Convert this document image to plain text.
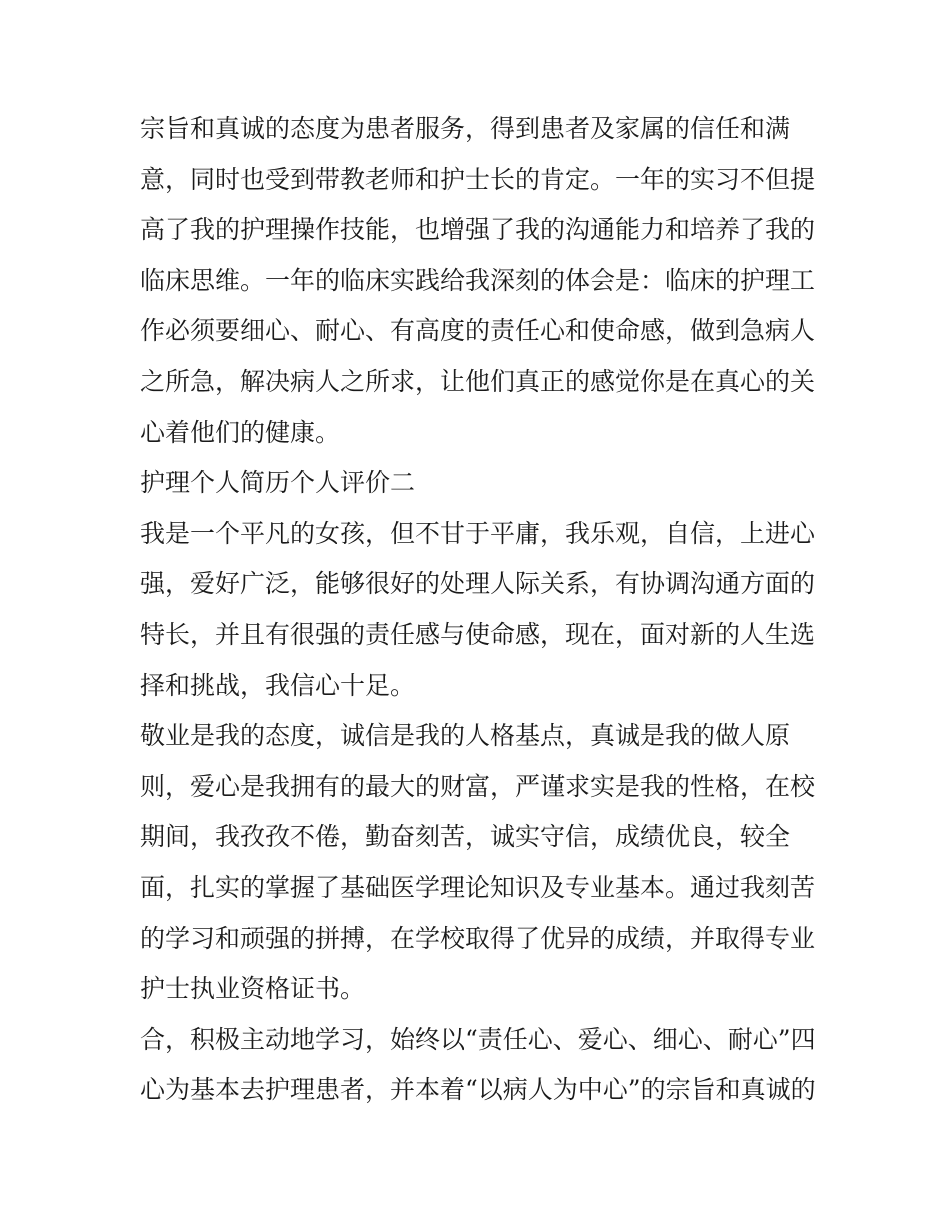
宗旨和真诚的态度为患者服务，得到患者及家属的信任和满
意，同时也受到带教老师和护士长的肯定。一年的实习不但提
高了我的护理操作技能，也增强了我的沟通能力和培养了我的
临床思维。一年的临床实践给我深刻的体会是：临床的护理工
作必须要细心、耐心、有高度的责任心和使命感，做到急病人
之所急，解决病人之所求，让他们真正的感觉你是在真心的关
心着他们的健康。
护理个人简历个人评价二
我是一个平凡的女孩，但不甘于平庸，我乐观，自信，上进心
强，爱好广泛，能够很好的处理人际关系，有协调沟通方面的
特长，并且有很强的责任感与使命感，现在，面对新的人生选
择和挑战，我信心十足。
敬业是我的态度，诚信是我的人格基点，真诚是我的做人原
则，爱心是我拥有的最大的财富，严谨求实是我的性格，在校
期间，我孜孜不倦，勤奋刻苦，诚实守信，成绩优良，较全
面，扎实的掌握了基础医学理论知识及专业基本。通过我刻苦
的学习和顽强的拼搏，在学校取得了优异的成绩，并取得专业
护士执业资格证书。
合，积极主动地学习，始终以“责任心、爱心、细心、耐心”四
心为基本去护理患者，并本着“以病人为中心”的宗旨和真诚的
